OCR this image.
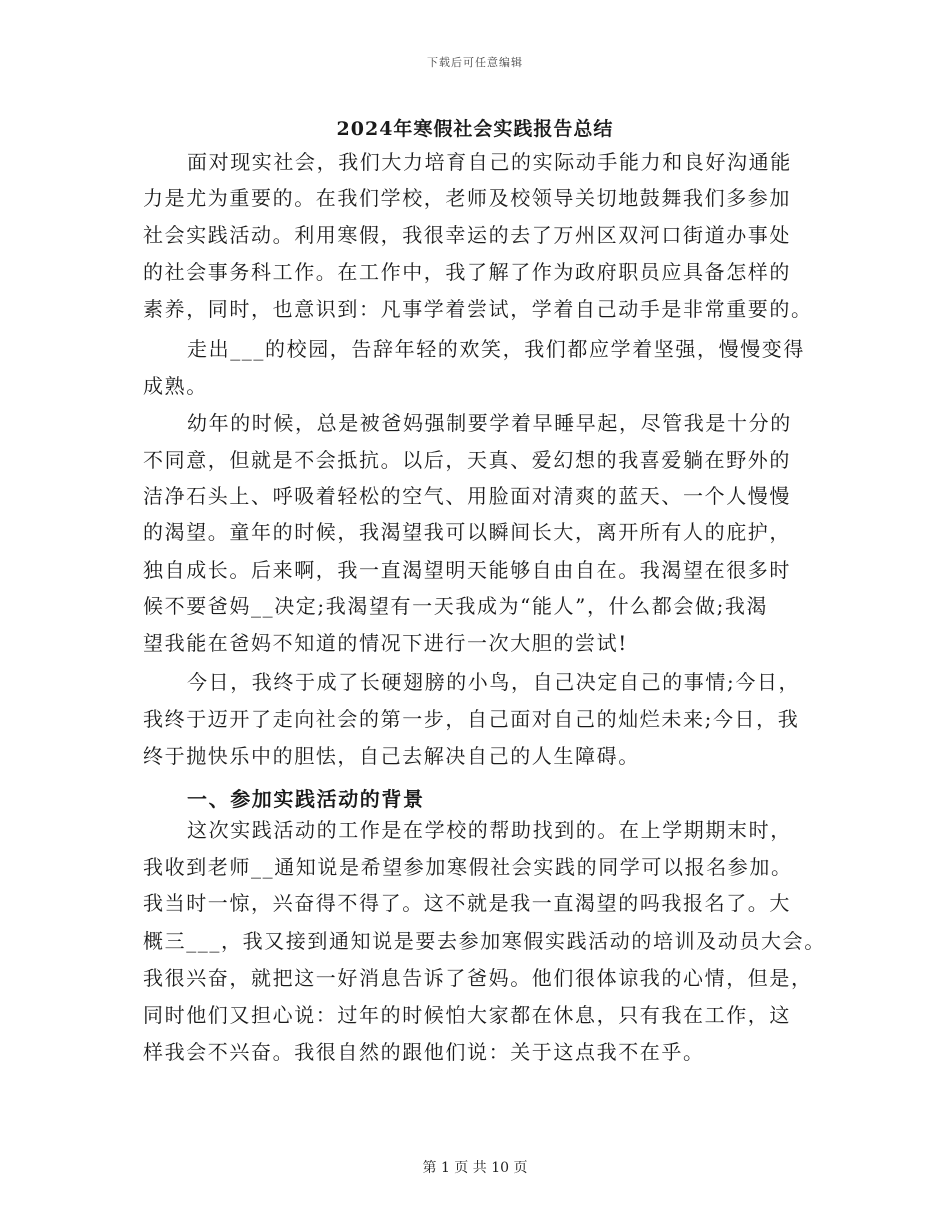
下载后可任意编辑
2024年寒假社会实践报告总结
面对现实社会，我们大力培育自己的实际动手能力和良好沟通能
力是尤为重要的。在我们学校，老师及校领导关切地鼓舞我们多参加
社会实践活动。利用寒假，我很幸运的去了万州区双河口街道办事处
的社会事务科工作。在工作中，我了解了作为政府职员应具备怎样的
素养，同时，也意识到：凡事学着尝试，学着自己动手是非常重要的。
走出___的校园，告辞年轻的欢笑，我们都应学着坚强，慢慢变得
成熟。
幼年的时候，总是被爸妈强制要学着早睡早起，尽管我是十分的
不同意，但就是不会抵抗。以后，天真、爱幻想的我喜爱躺在野外的
洁净石头上、呼吸着轻松的空气、用脸面对清爽的蓝天、一个人慢慢
的渴望。童年的时候，我渴望我可以瞬间长大，离开所有人的庇护，
独自成长。后来啊，我一直渴望明天能够自由自在。我渴望在很多时
候不要爸妈__决定;我渴望有一天我成为“能人”，什么都会做;我渴
望我能在爸妈不知道的情况下进行一次大胆的尝试!
今日，我终于成了长硬翅膀的小鸟，自己决定自己的事情;今日，
我终于迈开了走向社会的第一步，自己面对自己的灿烂未来;今日，我
终于抛快乐中的胆怯，自己去解决自己的人生障碍。
一、参加实践活动的背景
这次实践活动的工作是在学校的帮助找到的。在上学期期末时，
我收到老师__通知说是希望参加寒假社会实践的同学可以报名参加。
我当时一惊，兴奋得不得了。这不就是我一直渴望的吗我报名了。大
概三___，我又接到通知说是要去参加寒假实践活动的培训及动员大会。
我很兴奋，就把这一好消息告诉了爸妈。他们很体谅我的心情，但是，
同时他们又担心说：过年的时候怕大家都在休息，只有我在工作，这
样我会不兴奋。我很自然的跟他们说：关于这点我不在乎。
第 1 页 共 10 页
